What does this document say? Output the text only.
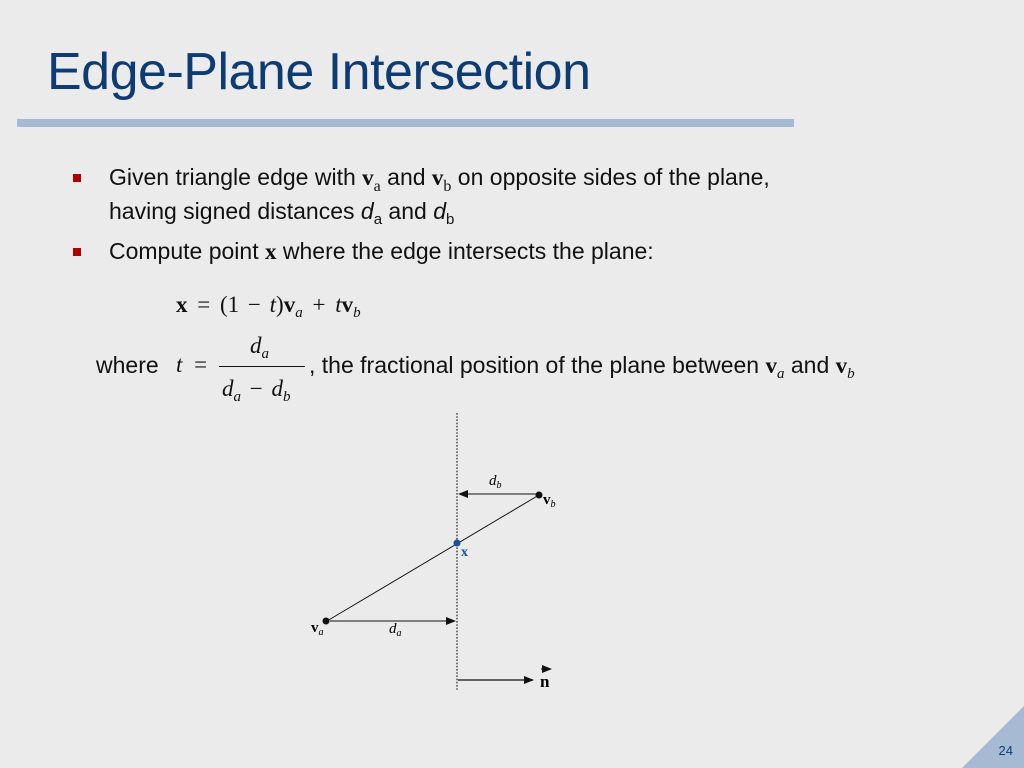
Edge-Plane Intersection
Given triangle edge with $v_a$ and $v_b$ on opposite sides of the plane,
having signed distances $d_a$ and $d_b$
Compute point x where the edge intersects the plane:
$x = (1 - t)v_a + tv_b$
where t =
$d_a$
$d_a - d_b$
, the fractional position of the plane between $v_a$ and $v_b$
$d_b$
$v_b$
x
$v_a$	$d_a$
n
24
